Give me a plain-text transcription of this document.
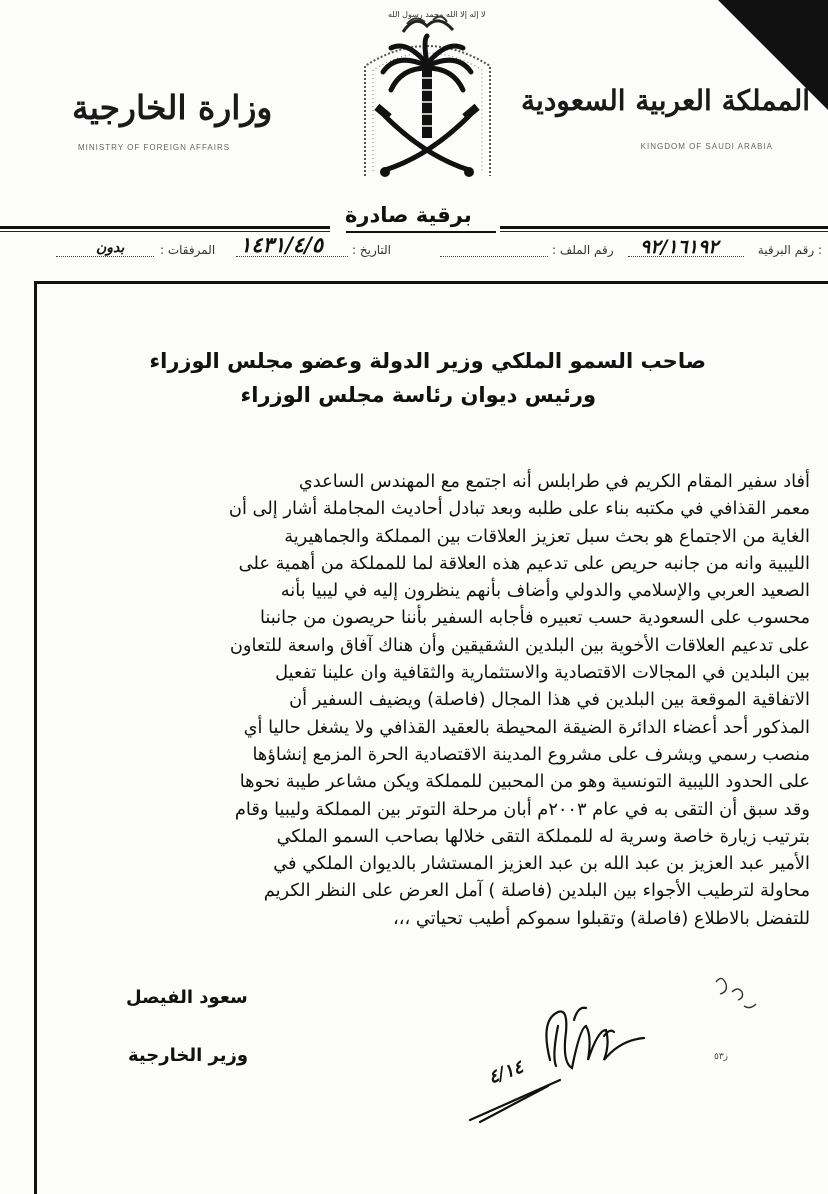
المملكة العربية السعودية
KINGDOM OF SAUDI ARABIA
وزارة الخارجية
MINISTRY OF FOREIGN AFFAIRS
لا إله إلا الله محمد رسول الله
برقية صادرة
رقم البرقية :
٩٢/١٦١٩٢
رقم الملف :
التاريخ :
١٤٣١/٤/٥
المرفقات :
بدون
صاحب السمو الملكي وزير الدولة وعضو مجلس الوزراء
ورئيس ديوان رئاسة مجلس الوزراء
أفاد سفير المقام الكريم في طرابلس أنه اجتمع مع المهندس الساعدي
معمر القذافي في مكتبه بناء على طلبه وبعد تبادل أحاديث المجاملة أشار إلى أن
الغاية من الاجتماع هو بحث سبل تعزيز العلاقات بين المملكة والجماهيرية
الليبية وانه من جانبه حريص على تدعيم هذه العلاقة لما للمملكة من أهمية على
الصعيد العربي والإسلامي والدولي وأضاف بأنهم ينظرون إليه في ليبيا بأنه
محسوب على السعودية حسب تعبيره فأجابه السفير بأننا حريصون من جانبنا
على تدعيم العلاقات الأخوية بين البلدين الشقيقين وأن هناك آفاق واسعة للتعاون
بين البلدين في المجالات الاقتصادية والاستثمارية والثقافية وان علينا تفعيل
الاتفاقية الموقعة بين البلدين في هذا المجال (فاصلة) ويضيف السفير أن
المذكور أحد أعضاء الدائرة الضيقة المحيطة بالعقيد القذافي ولا يشغل حاليا أي
منصب رسمي ويشرف على مشروع المدينة الاقتصادية الحرة المزمع إنشاؤها
على الحدود الليبية التونسية وهو من المحبين للمملكة ويكن مشاعر طيبة نحوها
وقد سبق أن التقى به في عام ٢٠٠٣م أبان مرحلة التوتر بين المملكة وليبيا وقام
بترتيب زيارة خاصة وسرية له للمملكة التقى خلالها بصاحب السمو الملكي
الأمير عبد العزيز بن عبد الله بن عبد العزيز المستشار بالديوان الملكي في
محاولة لترطيب الأجواء بين البلدين (فاصلة ) آمل العرض على النظر الكريم
للتفضل بالاطلاع (فاصلة) وتقبلوا سموكم أطيب تحياتي ،،،
سعود الفيصل
وزير الخارجية
٤/١٤	ز٥٣
